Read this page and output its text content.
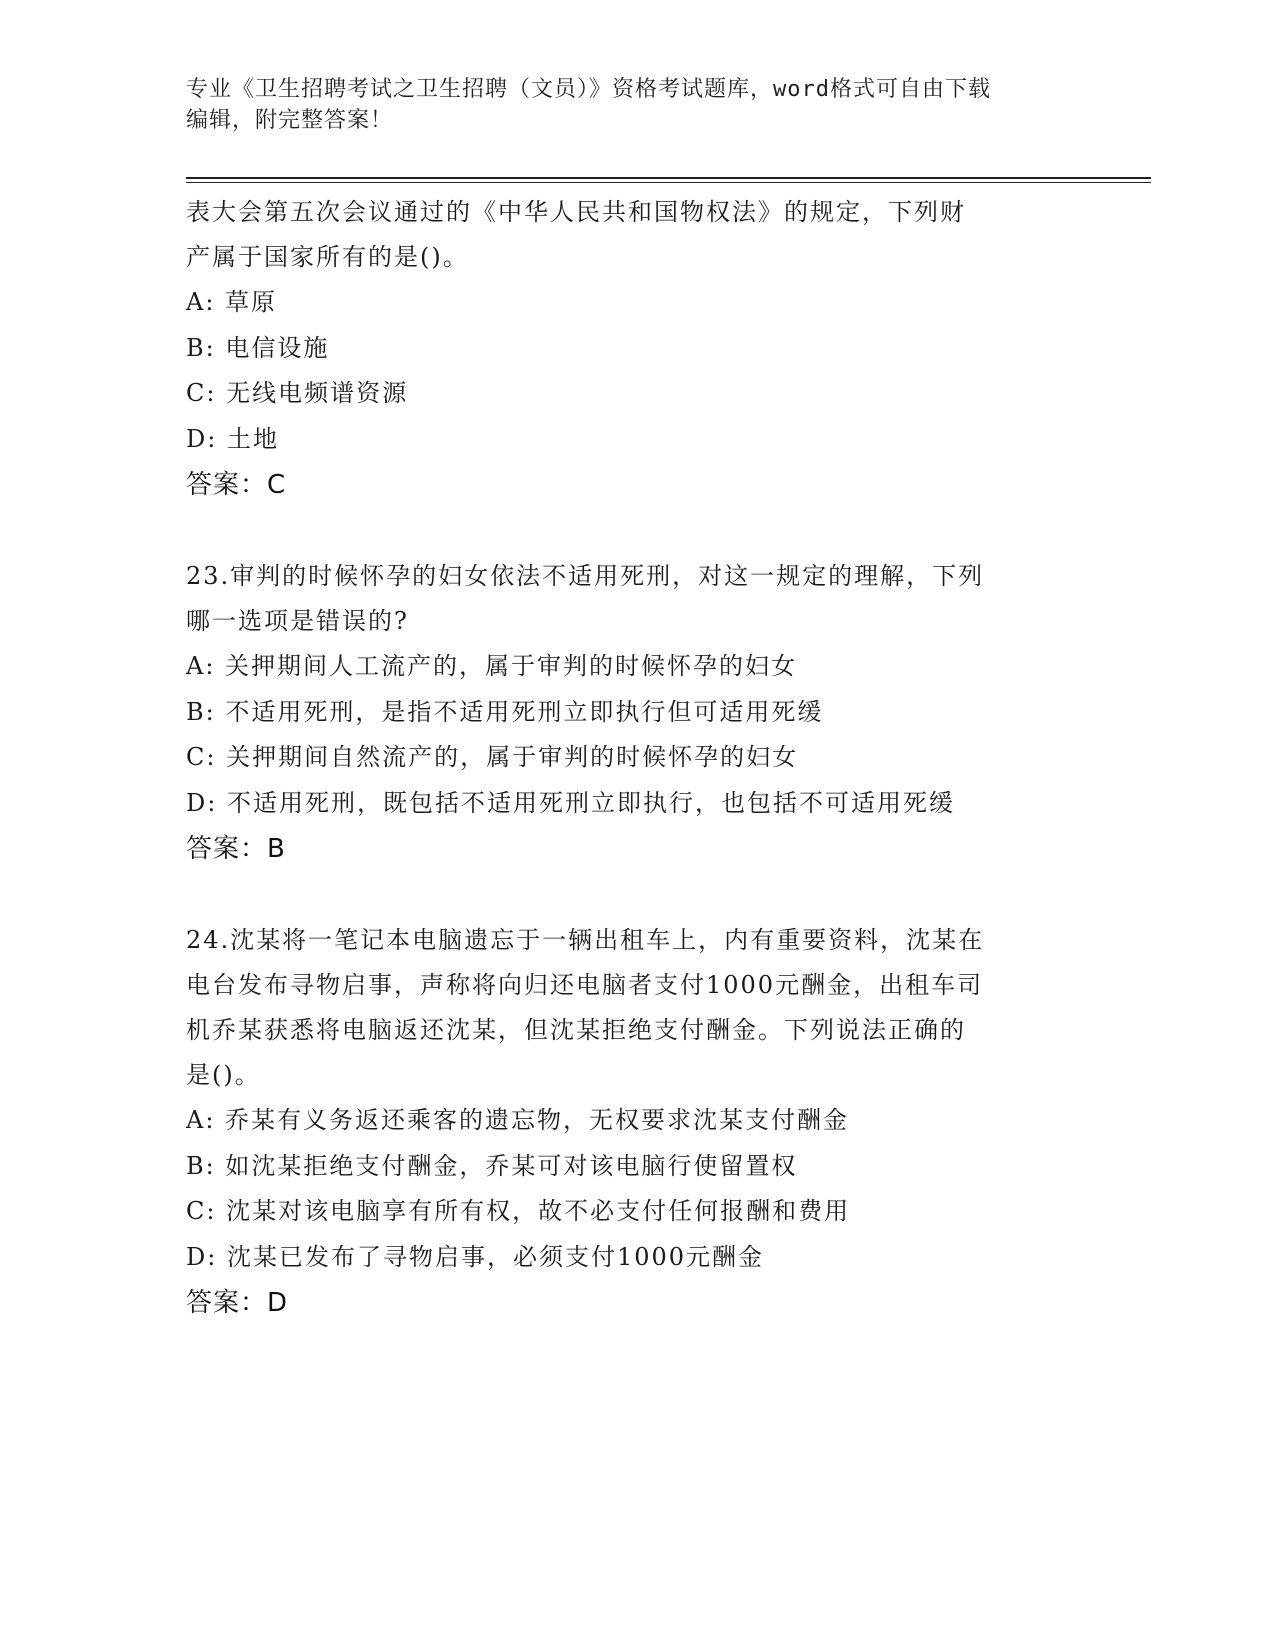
专业《卫生招聘考试之卫生招聘（文员）》资格考试题库，word格式可自由下载
编辑，附完整答案！
表大会第五次会议通过的《中华人民共和国物权法》的规定，下列财
产属于国家所有的是()。
A: 草原
B: 电信设施
C: 无线电频谱资源
D: 土地
答案：C
23.审判的时候怀孕的妇女依法不适用死刑，对这一规定的理解，下列
哪一选项是错误的?
A: 关押期间人工流产的，属于审判的时候怀孕的妇女
B: 不适用死刑，是指不适用死刑立即执行但可适用死缓
C: 关押期间自然流产的，属于审判的时候怀孕的妇女
D: 不适用死刑，既包括不适用死刑立即执行，也包括不可适用死缓
答案：B
24.沈某将一笔记本电脑遗忘于一辆出租车上，内有重要资料，沈某在
电台发布寻物启事，声称将向归还电脑者支付1000元酬金，出租车司
机乔某获悉将电脑返还沈某，但沈某拒绝支付酬金。下列说法正确的
是()。
A: 乔某有义务返还乘客的遗忘物，无权要求沈某支付酬金
B: 如沈某拒绝支付酬金，乔某可对该电脑行使留置权
C: 沈某对该电脑享有所有权，故不必支付任何报酬和费用
D: 沈某已发布了寻物启事，必须支付1000元酬金
答案：D
